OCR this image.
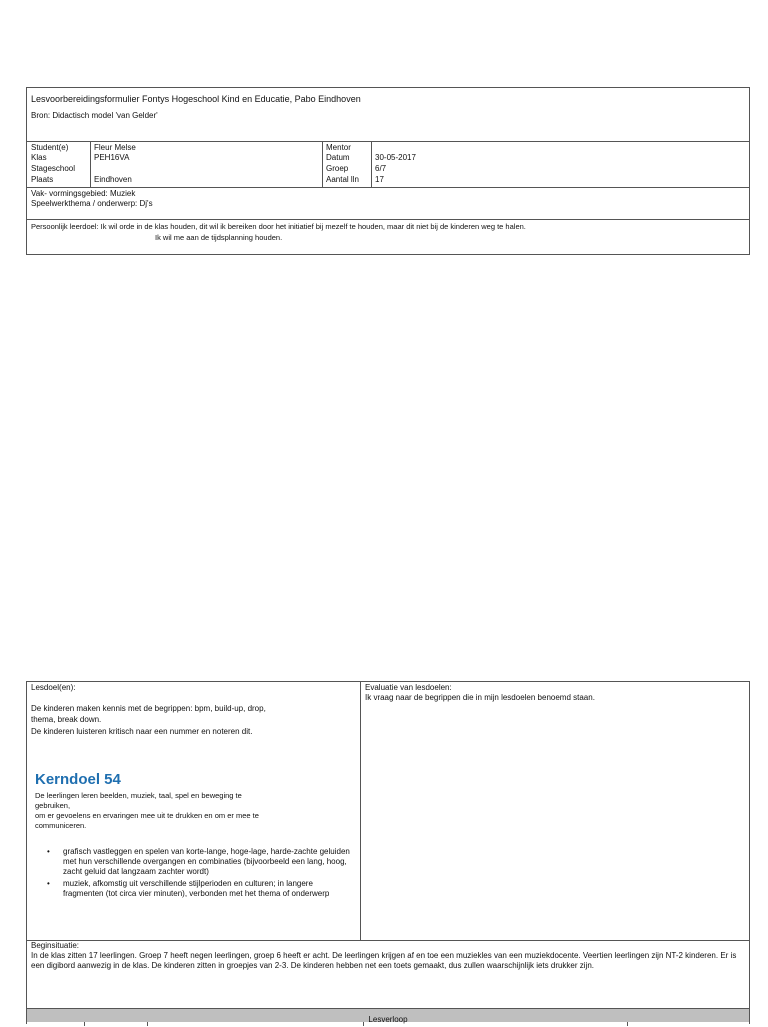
Lesvoorbereidingsformulier Fontys Hogeschool Kind en Educatie, Pabo Eindhoven
Bron: Didactisch model 'van Gelder'
Student(e)	Fleur Melse
Klas	PEH16VA
Stageschool
Plaats	Eindhoven
Mentor
Datum	30-05-2017
Groep	6/7
Aantal lln 17
Vak- vormingsgebied: Muziek
Speelwerkthema / onderwerp: Dj's
Persoonlijk leerdoel: Ik wil orde in de klas houden, dit wil ik bereiken door het initiatief bij mezelf te houden, maar dit niet bij de kinderen weg te halen.
Ik wil me aan de tijdsplanning houden.
Lesdoel(en):
De kinderen maken kennis met de begrippen: bpm, build-up, drop,
thema, break down.
De kinderen luisteren kritisch naar een nummer en noteren dit.
Kerndoel 54
De leerlingen leren beelden, muziek, taal, spel en beweging te
gebruiken,
om er gevoelens en ervaringen mee uit te drukken en om er mee te
communiceren.
• grafisch vastleggen en spelen van korte-lange, hoge-lage, harde-zachte geluiden met hun verschillende overgangen en combinaties (bijvoorbeeld een lang, hoog, zacht geluid dat langzaam zachter wordt)
• muziek, afkomstig uit verschillende stijlperioden en culturen; in langere fragmenten (tot circa vier minuten), verbonden met het thema of onderwerp
Evaluatie van lesdoelen:
Ik vraag naar de begrippen die in mijn lesdoelen benoemd staan.
Beginsituatie:
In de klas zitten 17 leerlingen. Groep 7 heeft negen leerlingen, groep 6 heeft er acht. De leerlingen krijgen af en toe een muziekles van een muziekdocente. Veertien leerlingen zijn NT-2 kinderen. Er is een digibord aanwezig in de klas. De kinderen zitten in groepjes van 2-3. De kinderen hebben net een toets gemaakt, dus zullen waarschijnlijk iets drukker zijn.
Lesverloop
